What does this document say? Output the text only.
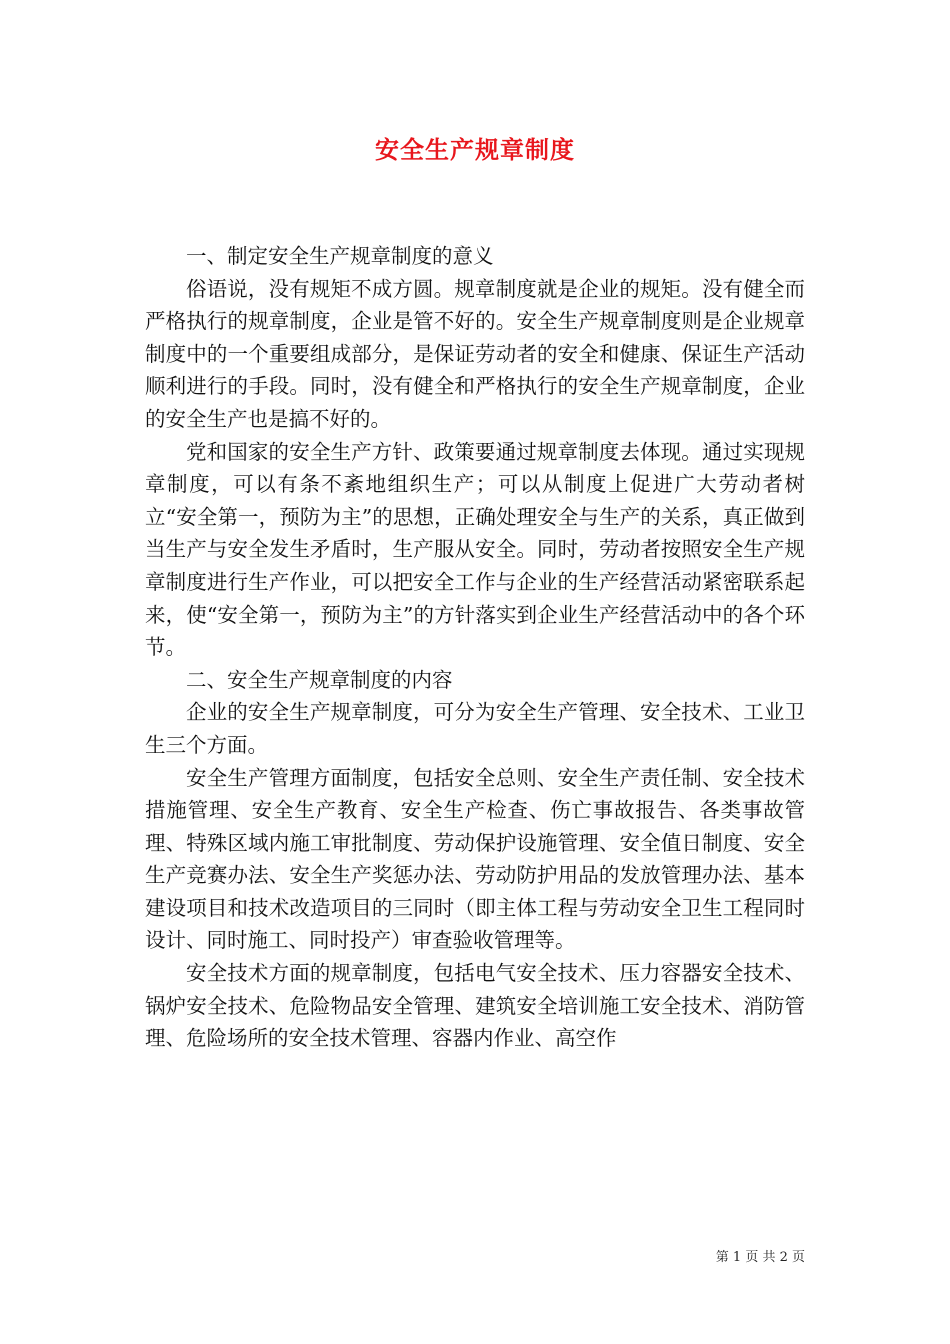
安全生产规章制度

一、制定安全生产规章制度的意义

俗语说，没有规矩不成方圆。规章制度就是企业的规矩。没有健全而严格执行的规章制度，企业是管不好的。安全生产规章制度则是企业规章制度中的一个重要组成部分，是保证劳动者的安全和健康、保证生产活动顺利进行的手段。同时，没有健全和严格执行的安全生产规章制度，企业的安全生产也是搞不好的。

党和国家的安全生产方针、政策要通过规章制度去体现。通过实现规章制度，可以有条不紊地组织生产；可以从制度上促进广大劳动者树立“安全第一，预防为主”的思想，正确处理安全与生产的关系，真正做到当生产与安全发生矛盾时，生产服从安全。同时，劳动者按照安全生产规章制度进行生产作业，可以把安全工作与企业的生产经营活动紧密联系起来，使“安全第一，预防为主”的方针落实到企业生产经营活动中的各个环节。

二、安全生产规章制度的内容

企业的安全生产规章制度，可分为安全生产管理、安全技术、工业卫生三个方面。

安全生产管理方面制度，包括安全总则、安全生产责任制、安全技术措施管理、安全生产教育、安全生产检查、伤亡事故报告、各类事故管理、特殊区域内施工审批制度、劳动保护设施管理、安全值日制度、安全生产竞赛办法、安全生产奖惩办法、劳动防护用品的发放管理办法、基本建设项目和技术改造项目的三同时（即主体工程与劳动安全卫生工程同时设计、同时施工、同时投产）审查验收管理等。

安全技术方面的规章制度，包括电气安全技术、压力容器安全技术、锅炉安全技术、危险物品安全管理、建筑安全培训施工安全技术、消防管理、危险场所的安全技术管理、容器内作业、高空作

第 1 页 共 2 页
